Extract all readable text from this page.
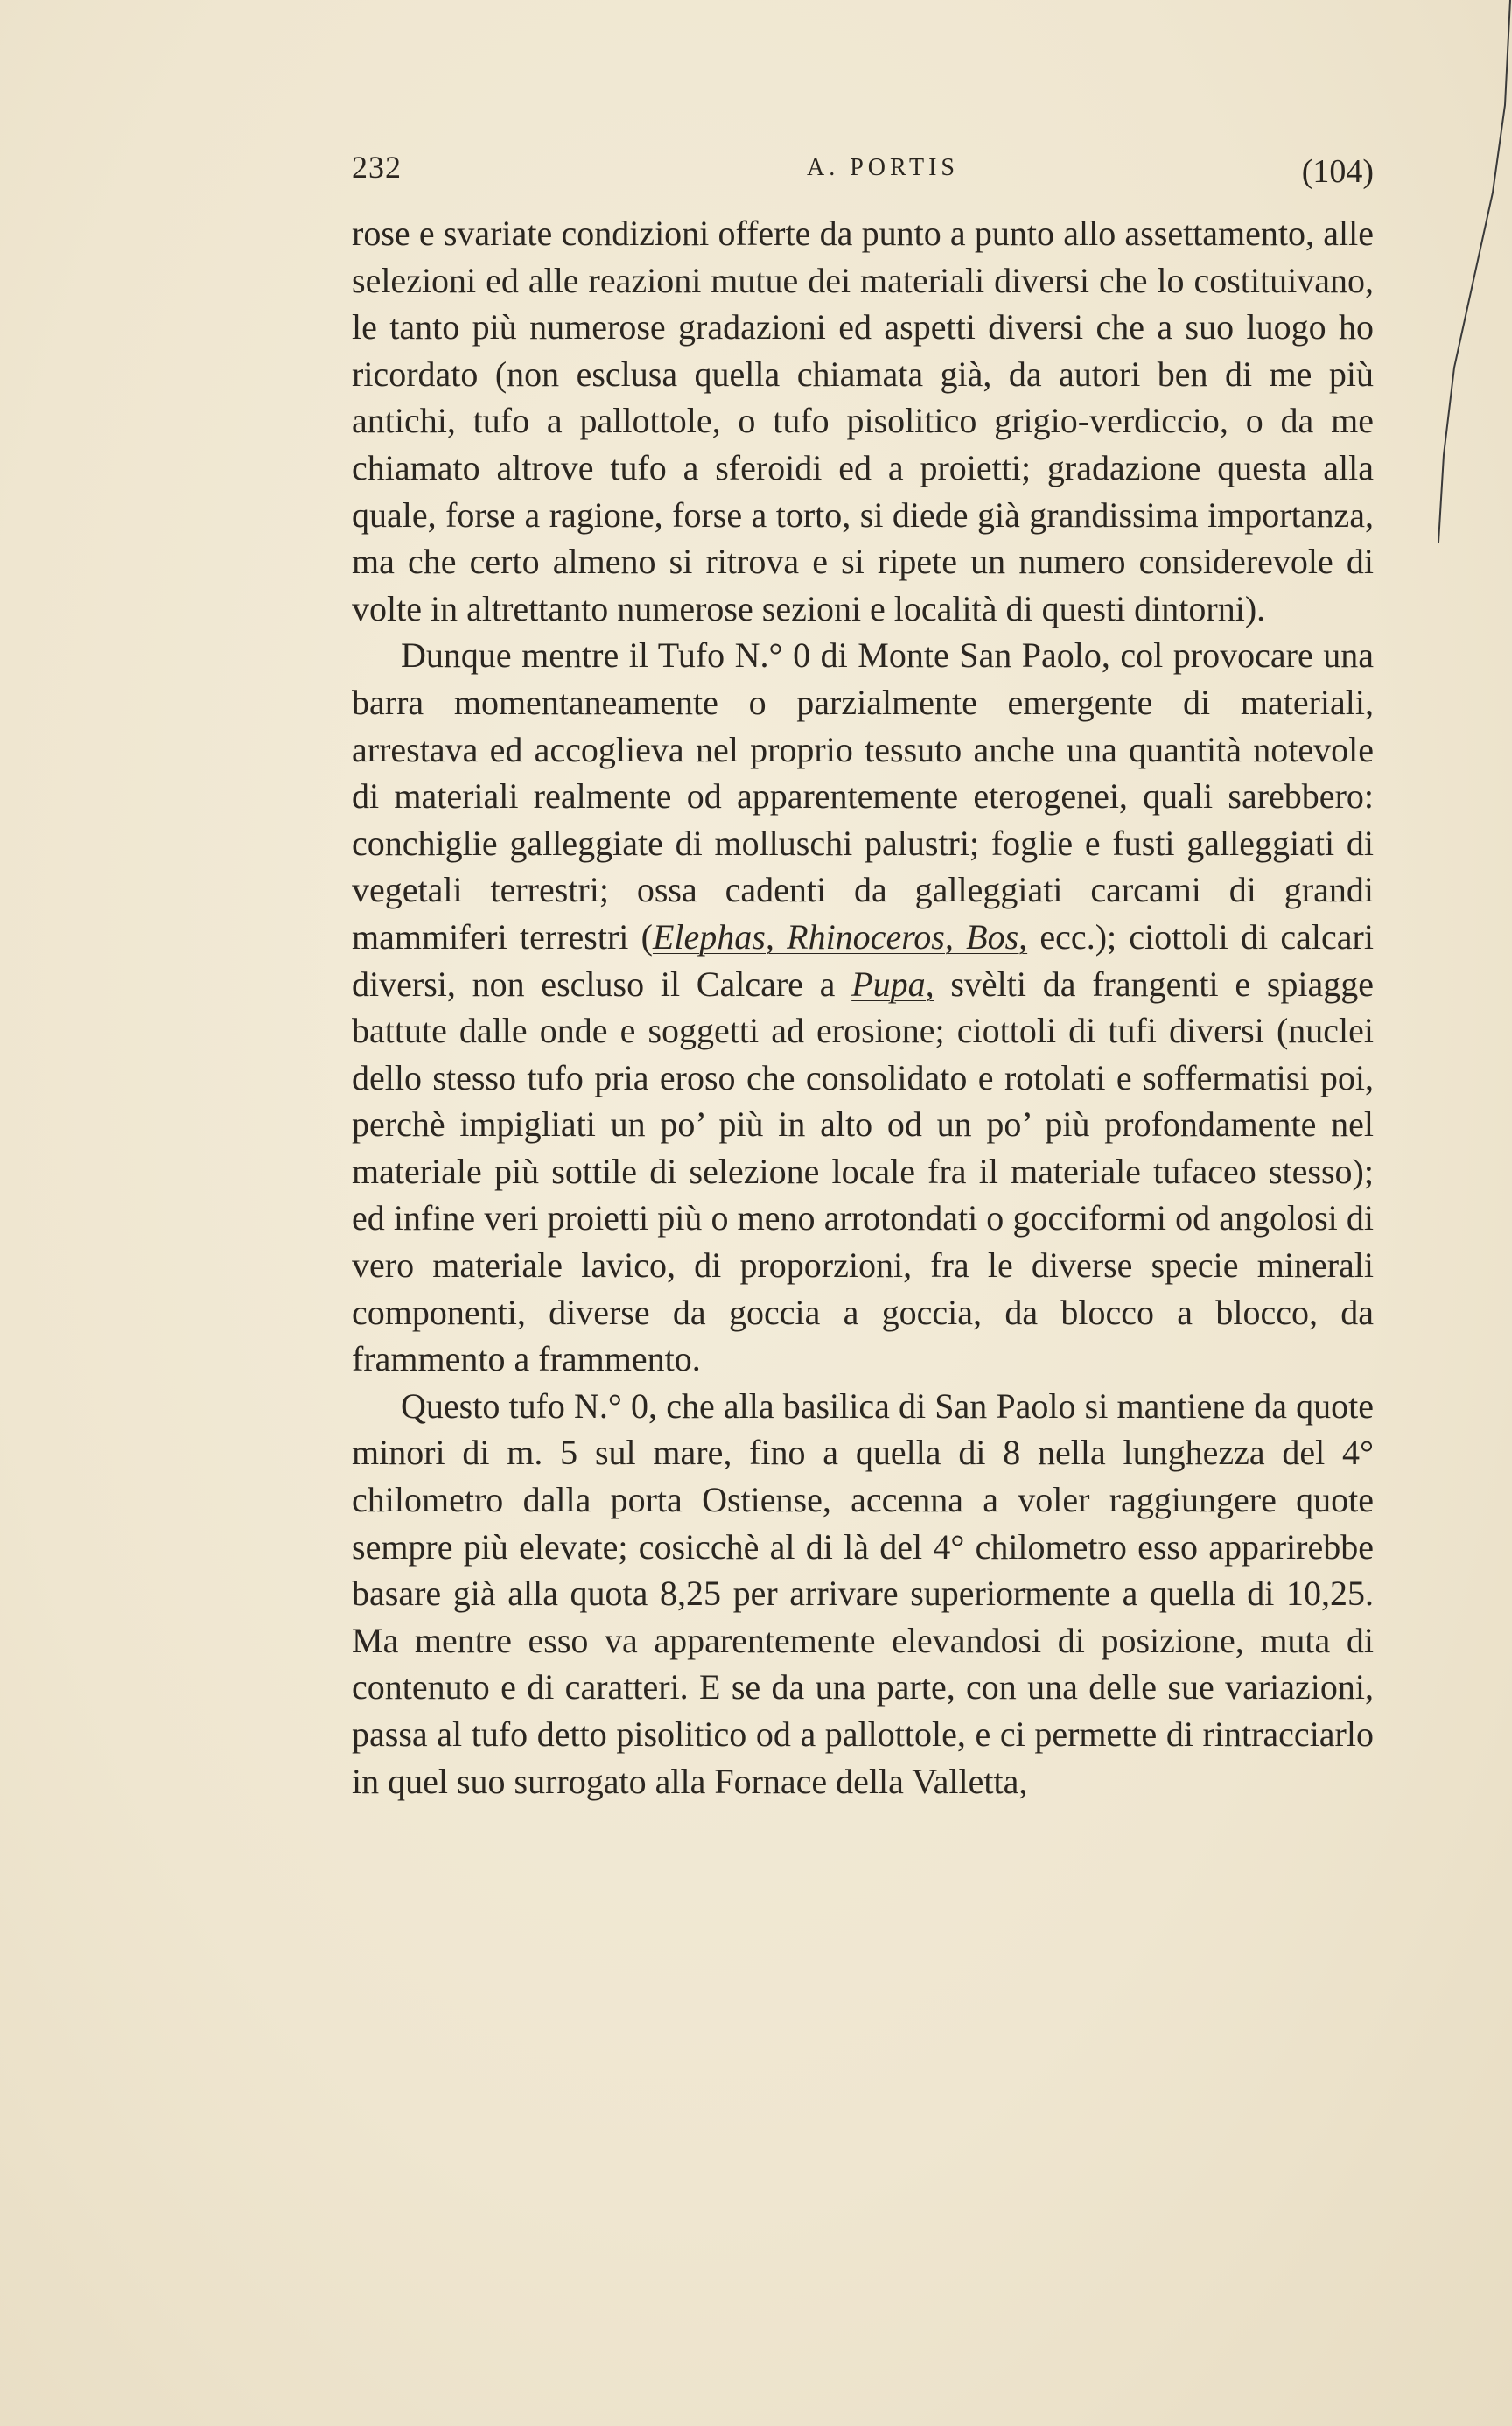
232	A. PORTIS	(104)

rose e svariate condizioni offerte da punto a punto allo assettamento, alle selezioni ed alle reazioni mutue dei materiali diversi che lo costituivano, le tanto più numerose gradazioni ed aspetti diversi che a suo luogo ho ricordato (non esclusa quella chiamata già, da autori ben di me più antichi, tufo a pallottole, o tufo pisolitico grigio-verdiccio, o da me chiamato altrove tufo a sferoidi ed a proietti; gradazione questa alla quale, forse a ragione, forse a torto, si diede già grandissima importanza, ma che certo almeno si ritrova e si ripete un numero considerevole di volte in altrettanto numerose sezioni e località di questi dintorni).

Dunque mentre il Tufo N.° 0 di Monte San Paolo, col provocare una barra momentaneamente o parzialmente emergente di materiali, arrestava ed accoglieva nel proprio tessuto anche una quantità notevole di materiali realmente od apparentemente eterogenei, quali sarebbero: conchiglie galleggiate di molluschi palustri; foglie e fusti galleggiati di vegetali terrestri; ossa cadenti da galleggiati carcami di grandi mammiferi terrestri (Elephas, Rhinoceros, Bos, ecc.); ciottoli di calcari diversi, non escluso il Calcare a Pupa, svèlti da frangenti e spiagge battute dalle onde e soggetti ad erosione; ciottoli di tufi diversi (nuclei dello stesso tufo pria eroso che consolidato e rotolati e soffermatisi poi, perchè impigliati un po’ più in alto od un po’ più profondamente nel materiale più sottile di selezione locale fra il materiale tufaceo stesso); ed infine veri proietti più o meno arrotondati o gocciformi od angolosi di vero materiale lavico, di proporzioni, fra le diverse specie minerali componenti, diverse da goccia a goccia, da blocco a blocco, da frammento a frammento.

Questo tufo N.° 0, che alla basilica di San Paolo si mantiene da quote minori di m. 5 sul mare, fino a quella di 8 nella lunghezza del 4° chilometro dalla porta Ostiense, accenna a voler raggiungere quote sempre più elevate; cosicchè al di là del 4° chilometro esso apparirebbe basare già alla quota 8,25 per arrivare superiormente a quella di 10,25. Ma mentre esso va apparentemente elevandosi di posizione, muta di contenuto e di caratteri. E se da una parte, con una delle sue variazioni, passa al tufo detto pisolitico od a pallottole, e ci permette di rintracciarlo in quel suo surrogato alla Fornace della Valletta,
